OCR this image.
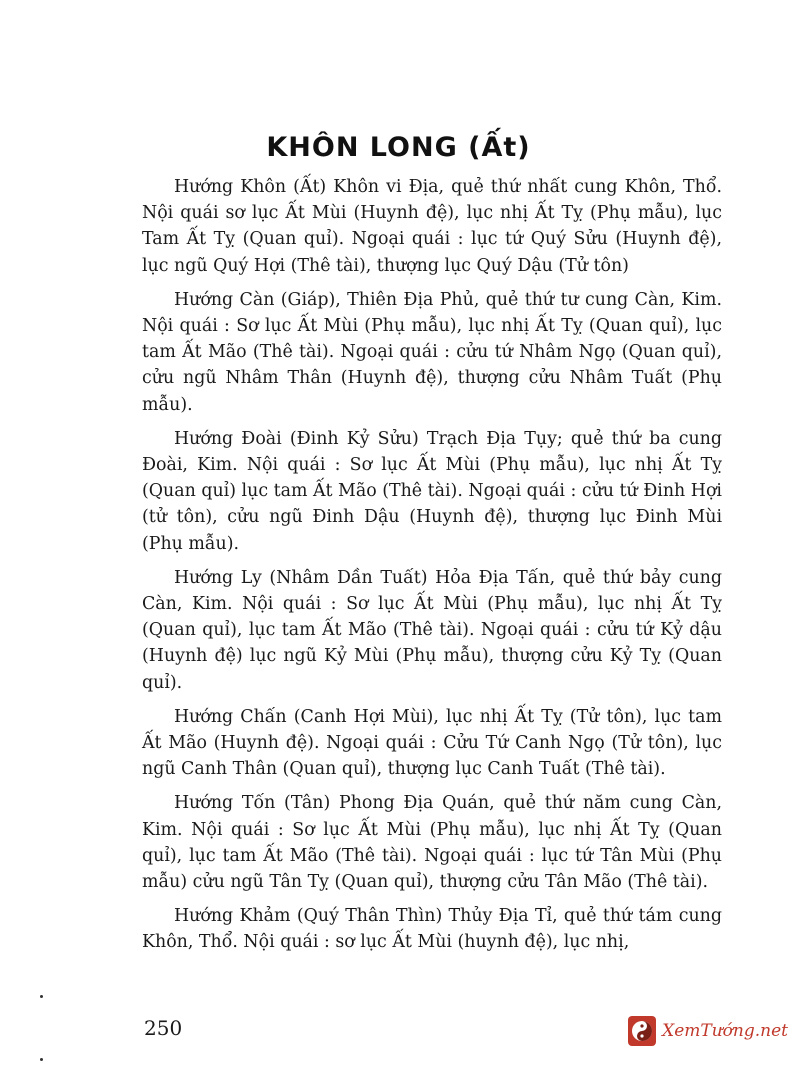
KHÔN LONG (Ất)

Hướng Khôn (Ất) Khôn vi Địa, quẻ thứ nhất cung Khôn, Thổ. Nội quái sơ lục Ất Mùi (Huynh đệ), lục nhị Ất Tỵ (Phụ mẫu), lục Tam Ất Tỵ (Quan quỉ). Ngoại quái : lục tứ Quý Sửu (Huynh đệ), lục ngũ Quý Hợi (Thê tài), thượng lục Quý Dậu (Tử tôn)

Hướng Càn (Giáp), Thiên Địa Phủ, quẻ thứ tư cung Càn, Kim. Nội quái : Sơ lục Ất Mùi (Phụ mẫu), lục nhị Ất Tỵ (Quan quỉ), lục tam Ất Mão (Thê tài). Ngoại quái : cửu tứ Nhâm Ngọ (Quan quỉ), cửu ngũ Nhâm Thân (Huynh đệ), thượng cửu Nhâm Tuất (Phụ mẫu).

Hướng Đoài (Đinh Kỷ Sửu) Trạch Địa Tụy; quẻ thứ ba cung Đoài, Kim. Nội quái : Sơ lục Ất Mùi (Phụ mẫu), lục nhị Ất Tỵ (Quan quỉ) lục tam Ất Mão (Thê tài). Ngoại quái : cửu tứ Đinh Hợi (tử tôn), cửu ngũ Đinh Dậu (Huynh đệ), thượng lục Đinh Mùi (Phụ mẫu).

Hướng Ly (Nhâm Dần Tuất) Hỏa Địa Tấn, quẻ thứ bảy cung Càn, Kim. Nội quái : Sơ lục Ất Mùi (Phụ mẫu), lục nhị Ất Tỵ (Quan quỉ), lục tam Ất Mão (Thê tài). Ngoại quái : cửu tứ Kỷ dậu (Huynh đệ) lục ngũ Kỷ Mùi (Phụ mẫu), thượng cửu Kỷ Tỵ (Quan quỉ).

Hướng Chấn (Canh Hợi Mùi), lục nhị Ất Tỵ (Tử tôn), lục tam Ất Mão (Huynh đệ). Ngoại quái : Cửu Tứ Canh Ngọ (Tử tôn), lục ngũ Canh Thân (Quan quỉ), thượng lục Canh Tuất (Thê tài).

Hướng Tốn (Tân) Phong Địa Quán, quẻ thứ năm cung Càn, Kim. Nội quái : Sơ lục Ất Mùi (Phụ mẫu), lục nhị Ất Tỵ (Quan quỉ), lục tam Ất Mão (Thê tài). Ngoại quái : lục tứ Tân Mùi (Phụ mẫu) cửu ngũ Tân Tỵ (Quan quỉ), thượng cửu Tân Mão (Thê tài).

Hướng Khảm (Quý Thân Thìn) Thủy Địa Tỉ, quẻ thứ tám cung Khôn, Thổ. Nội quái : sơ lục Ất Mùi (huynh đệ), lục nhị,

250	XemTướng.net
